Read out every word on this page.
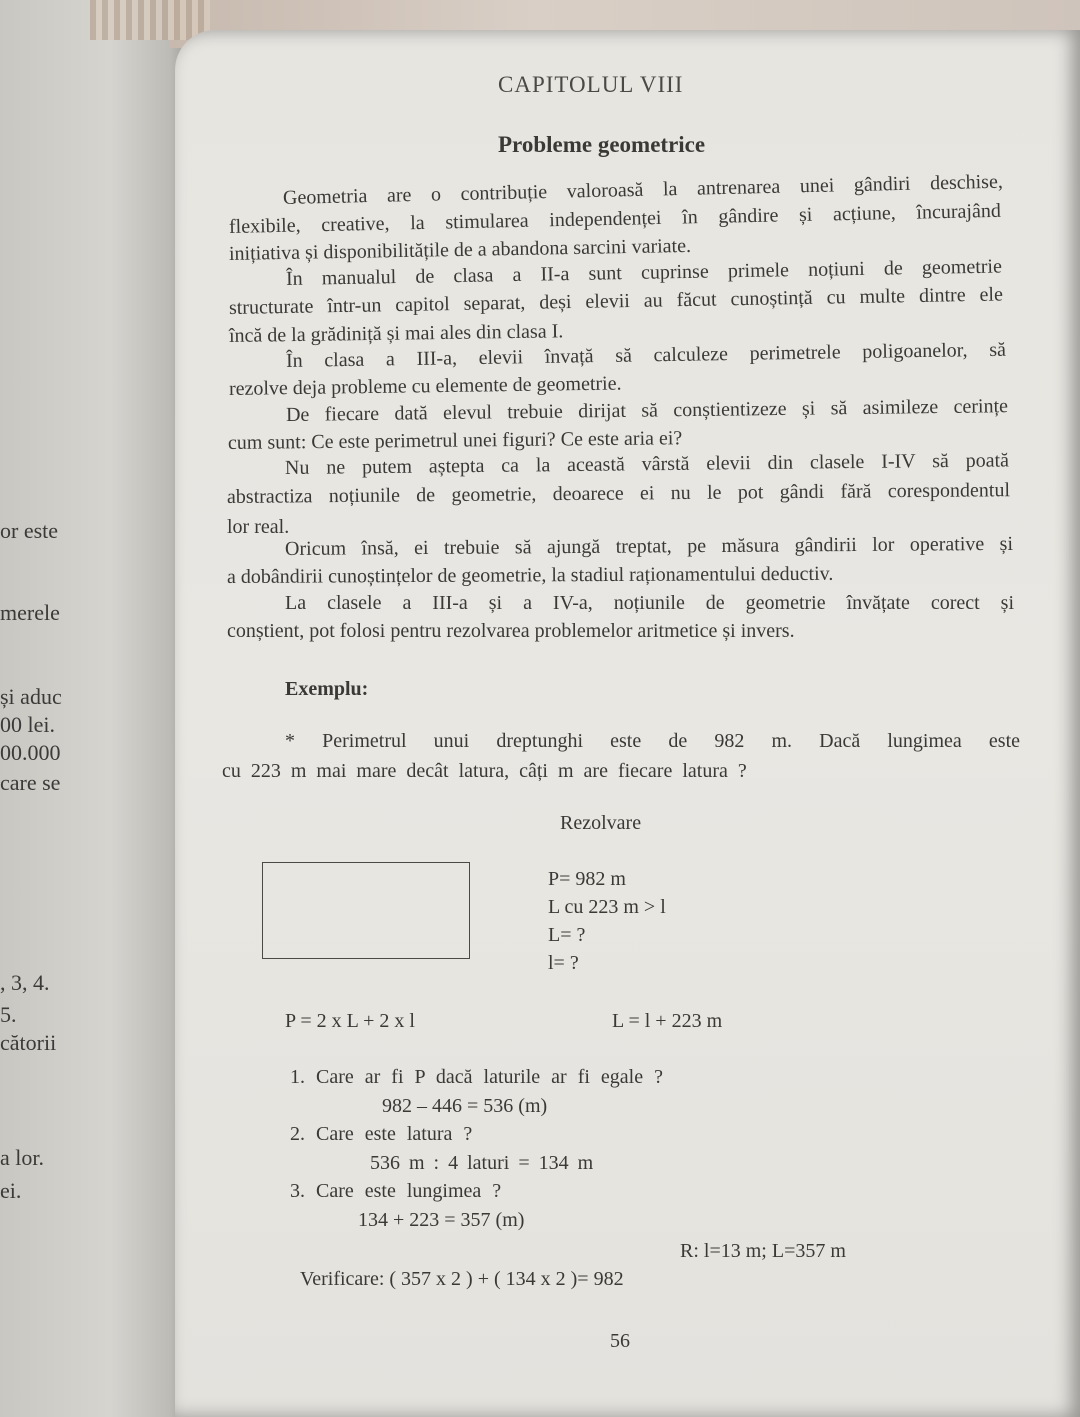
or este
merele
și aduc
00 lei.
00.000
care se
, 3, 4.
5.
cătorii
a lor.
ei.
CAPITOLUL VIII
Probleme geometrice
Geometria are o contribuție valoroasă la antrenarea unei gândiri deschise,
flexibile, creative, la stimularea independenței în gândire și acțiune, încurajând
inițiativa și disponibilitățile de a abandona sarcini variate.
În manualul de clasa a II-a sunt cuprinse primele noțiuni de geometrie
structurate într-un capitol separat, deși elevii au făcut cunoștință cu multe dintre ele
încă de la grădiniță și mai ales din clasa I.
În clasa a III-a, elevii învață să calculeze perimetrele poligoanelor, să
rezolve deja probleme cu elemente de geometrie.
De fiecare dată elevul trebuie dirijat să conștientizeze și să asimileze cerințe
cum sunt: Ce este perimetrul unei figuri? Ce este aria ei?
Nu ne putem aștepta ca la această vârstă elevii din clasele I-IV să poată
abstractiza noțiunile de geometrie, deoarece ei nu le pot gândi fără corespondentul
lor real.
Oricum însă, ei trebuie să ajungă treptat, pe măsura gândirii lor operative și
a dobândirii cunoștințelor de geometrie, la stadiul raționamentului deductiv.
La clasele a III-a și a IV-a, noțiunile de geometrie învățate corect și
conștient, pot folosi pentru rezolvarea problemelor aritmetice și invers.
Exemplu:
* Perimetrul unui dreptunghi este de 982 m. Dacă lungimea este
cu 223 m mai mare decât latura, câți m are fiecare latura ?
Rezolvare
P= 982 m
L cu 223 m > l
L= ?
l= ?
P = 2 x L + 2 x l	L = l + 223 m
1. Care ar fi P dacă laturile ar fi egale ?
982 – 446 = 536 (m)
2. Care este latura ?
536 m : 4 laturi = 134 m
3. Care este lungimea ?
134 + 223 = 357 (m)
R: l=13 m; L=357 m
Verificare: ( 357 x 2 ) + ( 134 x 2 )= 982
56
